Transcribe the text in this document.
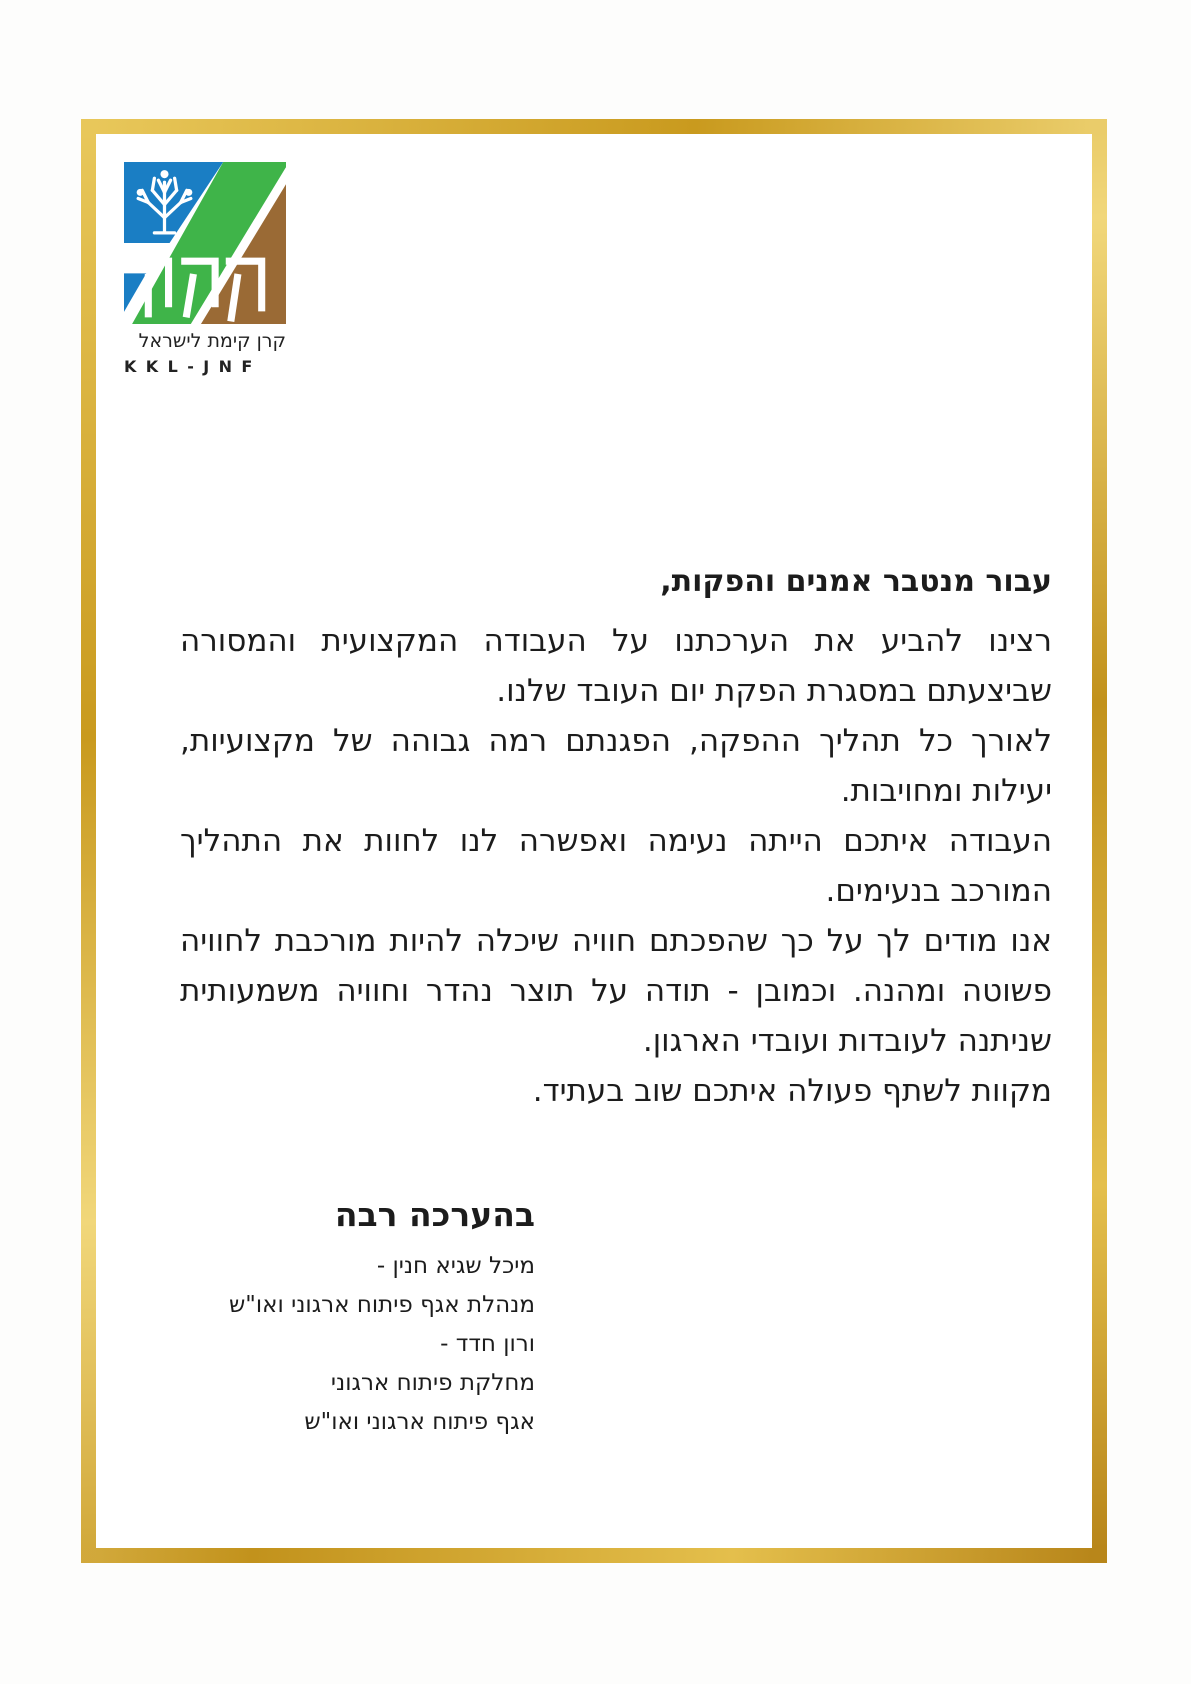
קרן קימת לישראל
KKL-JNF
עבור מנטבר אמנים והפקות,

רצינו להביע את הערכתנו על העבודה המקצועית והמסורה שביצעתם במסגרת הפקת יום העובד שלנו.

לאורך כל תהליך ההפקה, הפגנתם רמה גבוהה של מקצועיות, יעילות ומחויבות.

העבודה איתכם הייתה נעימה ואפשרה לנו לחוות את התהליך המורכב בנעימים.

אנו מודים לך על כך שהפכתם חוויה שיכלה להיות מורכבת לחוויה פשוטה ומהנה. וכמובן - תודה על תוצר נהדר וחוויה משמעותית שניתנה לעובדות ועובדי הארגון.

מקוות לשתף פעולה איתכם שוב בעתיד.

בהערכה רבה

מיכל שגיא חנין -

מנהלת אגף פיתוח ארגוני ואו"ש

ורון חדד -

מחלקת פיתוח ארגוני

אגף פיתוח ארגוני ואו"ש
